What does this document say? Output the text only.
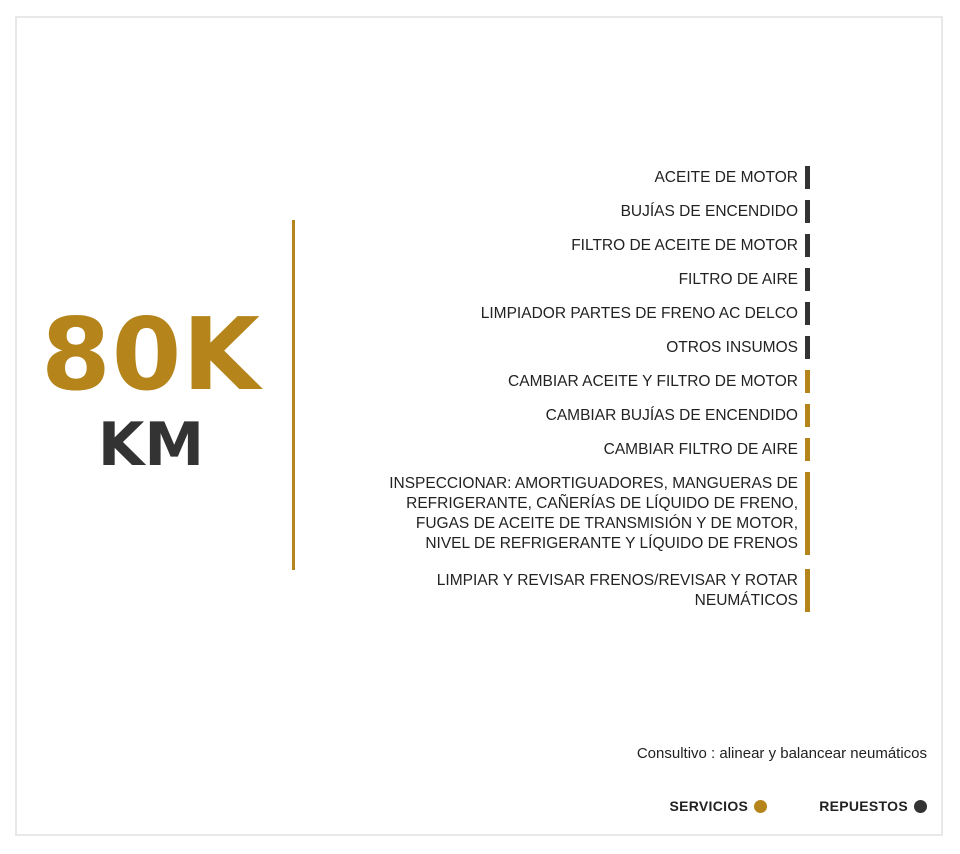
80K
KM
ACEITE DE MOTOR
BUJÍAS DE ENCENDIDO
FILTRO DE ACEITE DE MOTOR
FILTRO DE AIRE
LIMPIADOR PARTES DE FRENO AC DELCO
OTROS INSUMOS
CAMBIAR ACEITE Y FILTRO DE MOTOR
CAMBIAR BUJÍAS DE ENCENDIDO
CAMBIAR FILTRO DE AIRE
INSPECCIONAR: AMORTIGUADORES, MANGUERAS DE
REFRIGERANTE, CAÑERÍAS DE LÍQUIDO DE FRENO,
FUGAS DE ACEITE DE TRANSMISIÓN Y DE MOTOR,
NIVEL DE REFRIGERANTE Y LÍQUIDO DE FRENOS
LIMPIAR Y REVISAR FRENOS/REVISAR Y ROTAR NEUMÁTICOS
Consultivo : alinear y balancear neumáticos
SERVICIOS	REPUESTOS
